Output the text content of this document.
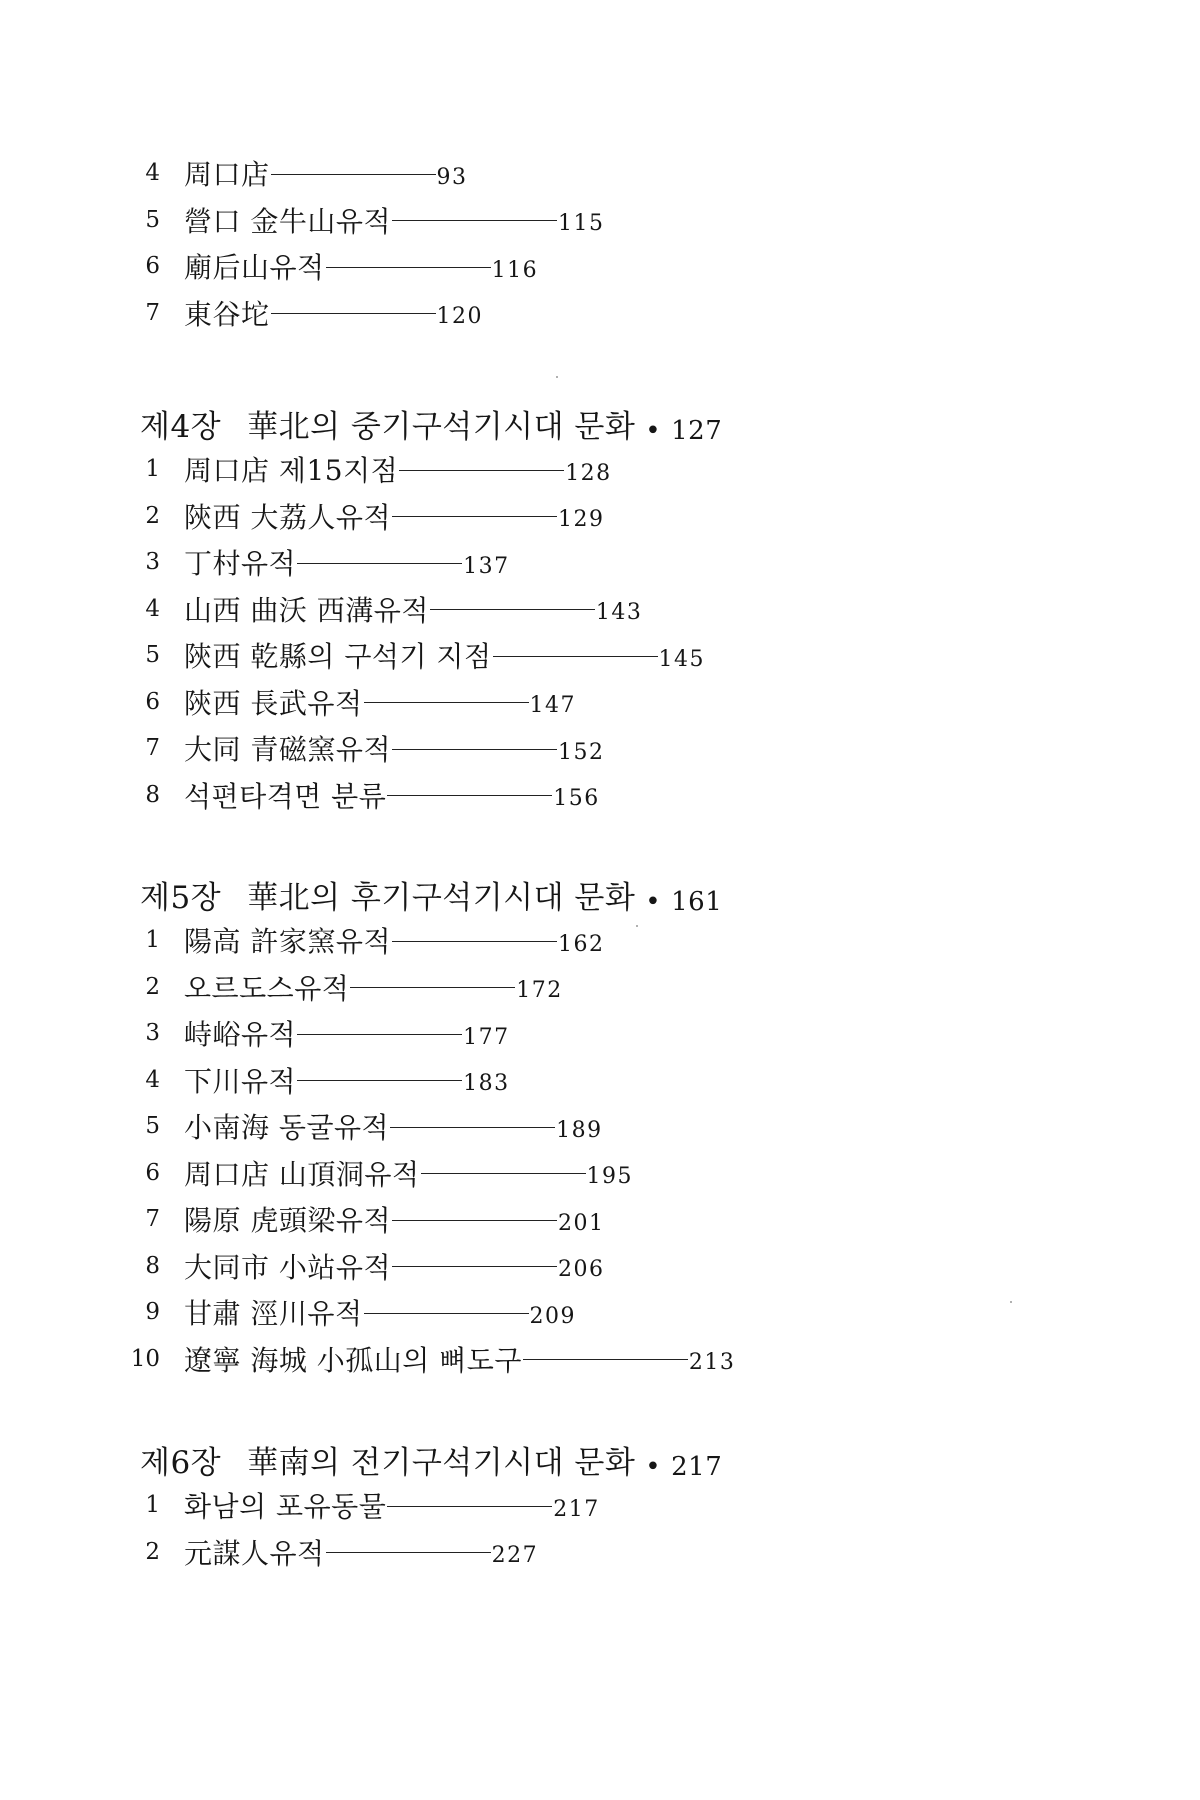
4 周口店	93
5 營口 金牛山유적	115
6 廟后山유적	116
7 東谷坨	120
제4장 華北의 중기구석기시대 문화 • 127
1 周口店 제15지점	128
2 陝西 大荔人유적	129
3 丁村유적	137
4 山西 曲沃 西溝유적	143
5 陝西 乾縣의 구석기 지점	145
6 陝西 長武유적	147
7 大同 青磁窯유적	152
8 석편타격면 분류	156
제5장 華北의 후기구석기시대 문화 • 161
1 陽高 許家窯유적	162
2 오르도스유적	172
3 峙峪유적	177
4 下川유적	183
5 小南海 동굴유적	189
6 周口店 山頂洞유적	195
7 陽原 虎頭梁유적	201
8 大同市 小站유적	206
9 甘肅 涇川유적	209
10 遼寧 海城 小孤山의 뼈도구	213
제6장 華南의 전기구석기시대 문화 • 217
1 화남의 포유동물	217
2 元謀人유적	227
